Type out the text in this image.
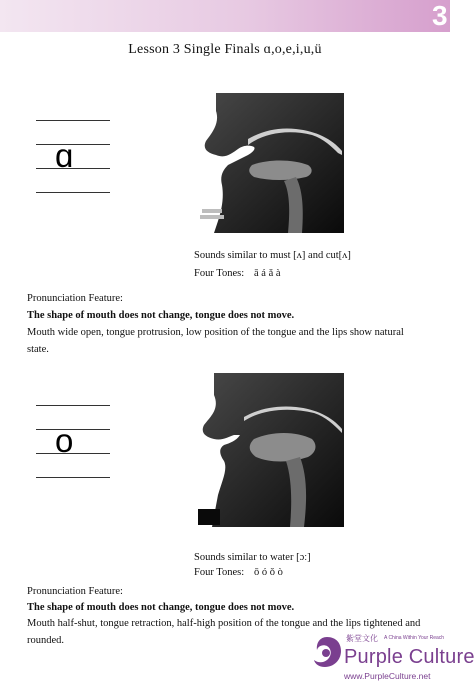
3
Lesson 3 Single Finals ɑ,o,e,i,u,ü
ɑ
Sounds similar to must [ʌ] and cut[ʌ]
Four Tones: ā á ǎ à
Pronunciation Feature:
The shape of mouth does not change, tongue does not move.
Mouth wide open, tongue protrusion, low position of the tongue and the lips show natural state.
o
Sounds similar to water [ɔː]
Four Tones: ō ó ǒ ò
Pronunciation Feature:
The shape of mouth does not change, tongue does not move.
Mouth half-shut, tongue retraction, half-high position of the tongue and the lips tightened and rounded.	紫堂文化 A China Within Your Reach
Purple Culture
www.PurpleCulture.net
